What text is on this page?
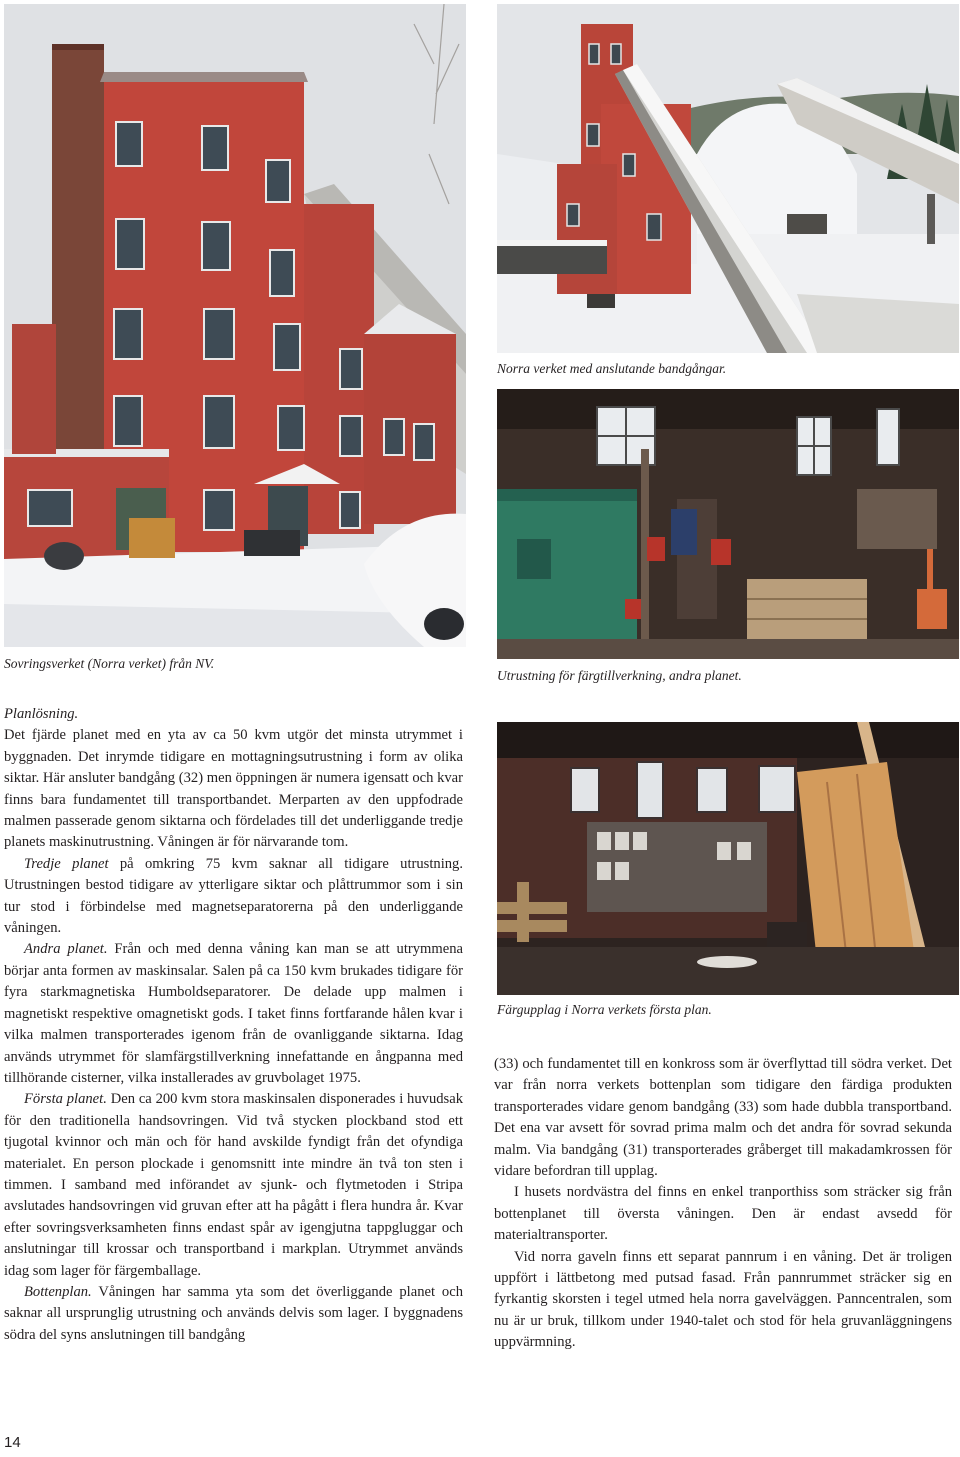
Norra verket med anslutande bandgångar.
Sovringsverket (Norra verket) från NV.
Utrustning för färgtillverkning, andra planet.
Färgupplag i Norra verkets första plan.

Planlösning.

Det fjärde planet med en yta av ca 50 kvm utgör det minsta utrymmet i byggnaden. Det inrymde tidigare en mottagningsutrustning i form av olika siktar. Här ansluter bandgång (32) men öppningen är numera igensatt och kvar finns bara fundamentet till transportbandet. Merparten av den uppfodrade malmen passerade genom siktarna och fördelades till det underliggande tredje planets maskinutrustning. Våningen är för närvarande tom.

Tredje planet på omkring 75 kvm saknar all tidigare utrustning. Utrustningen bestod tidigare av ytterligare siktar och plåttrummor som i sin tur stod i förbindelse med magnetseparatorerna på den underliggande våningen.

Andra planet. Från och med denna våning kan man se att utrymmena börjar anta formen av maskinsalar. Salen på ca 150 kvm brukades tidigare för fyra starkmagnetiska Humboldseparatorer. De delade upp malmen i magnetiskt respektive omagnetiskt gods. I taket finns fortfarande hålen kvar i vilka malmen transporterades igenom från de ovanliggande siktarna. Idag används utrymmet för slamfärgstillverkning innefattande en ångpanna med tillhörande cisterner, vilka installerades av gruvbolaget 1975.

Första planet. Den ca 200 kvm stora maskinsalen disponerades i huvudsak för den traditionella handsovringen. Vid två stycken plockband stod ett tjugotal kvinnor och män och för hand avskilde fyndigt från det ofyndiga materialet. En person plockade i genomsnitt inte mindre än två ton sten i timmen. I samband med införandet av sjunk- och flytmetoden i Stripa avslutades handsovringen vid gruvan efter att ha pågått i flera hundra år. Kvar efter sovringsverksamheten finns endast spår av igengjutna tappgluggar och anslutningar till krossar och transportband i markplan. Utrymmet används idag som lager för färgemballage.

Bottenplan. Våningen har samma yta som det överliggande planet och saknar all ursprunglig utrustning och används delvis som lager. I byggnadens södra del syns anslutningen till bandgång

(33) och fundamentet till en konkross som är överflyttad till södra verket. Det var från norra verkets bottenplan som tidigare den färdiga produkten transporterades vidare genom bandgång (33) som hade dubbla transportband. Det ena var avsett för sovrad prima malm och det andra för sovrad sekunda malm. Via bandgång (31) transporterades gråberget till makadamkrossen för vidare befordran till upplag.

I husets nordvästra del finns en enkel tranporthiss som sträcker sig från bottenplanet till översta våningen. Den är endast avsedd för materialtransporter.

Vid norra gaveln finns ett separat pannrum i en våning. Det är troligen uppfört i lättbetong med putsad fasad. Från pannrummet sträcker sig en fyrkantig skorsten i tegel utmed hela norra gavelväggen. Panncentralen, som nu är ur bruk, tillkom under 1940-talet och stod för hela gruvanläggningens uppvärmning.

14
